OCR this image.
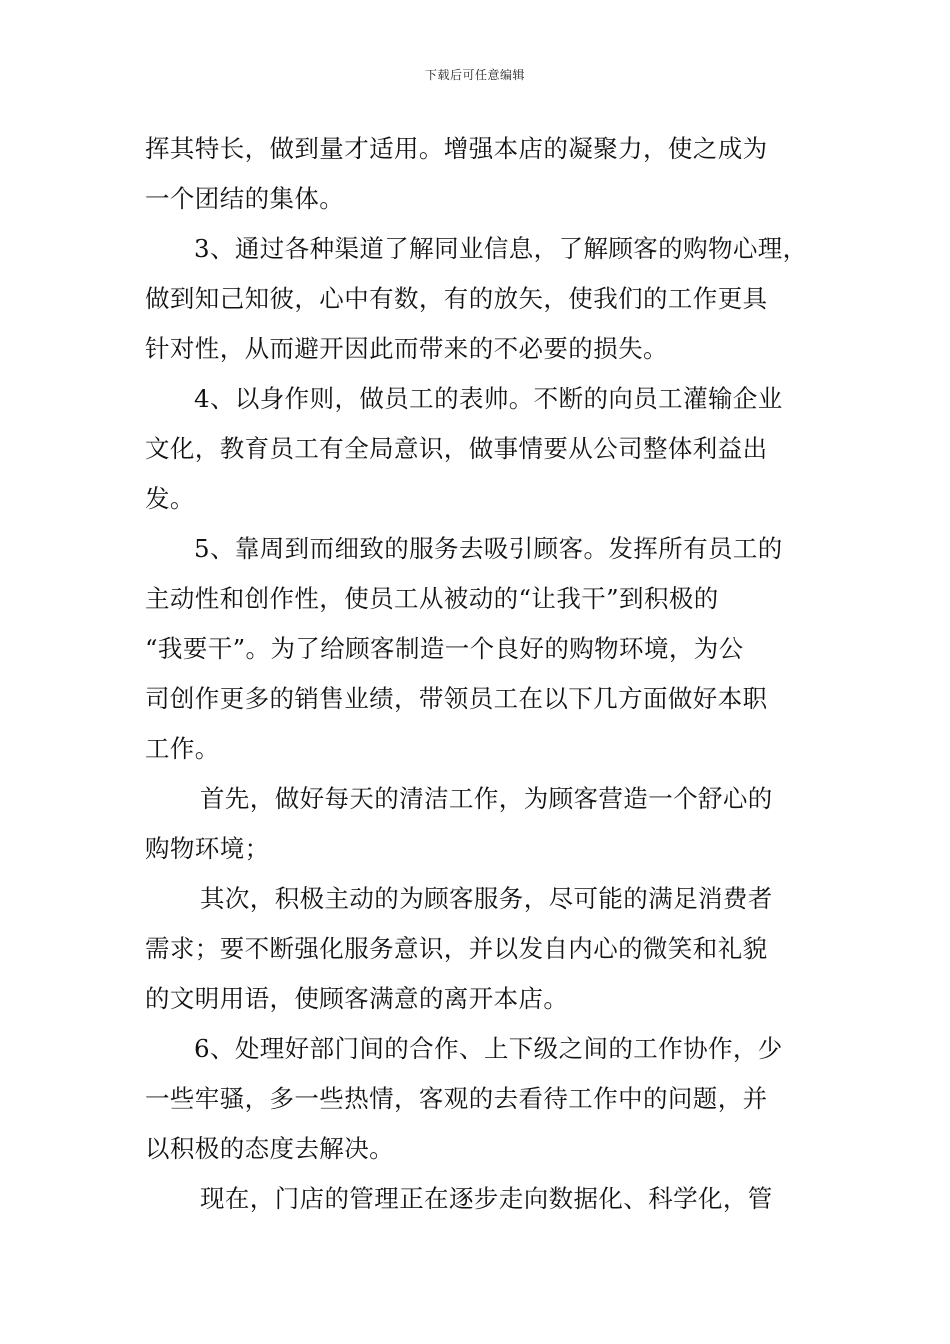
下载后可任意编辑
挥其特长，做到量才适用。增强本店的凝聚力，使之成为
一个团结的集体。
3、通过各种渠道了解同业信息，了解顾客的购物心理，
做到知己知彼，心中有数，有的放矢，使我们的工作更具
针对性，从而避开因此而带来的不必要的损失。
4、以身作则，做员工的表帅。不断的向员工灌输企业
文化，教育员工有全局意识，做事情要从公司整体利益出
发。
5、靠周到而细致的服务去吸引顾客。发挥所有员工的
主动性和创作性，使员工从被动的“让我干”到积极的
“我要干”。为了给顾客制造一个良好的购物环境，为公
司创作更多的销售业绩，带领员工在以下几方面做好本职
工作。
首先，做好每天的清洁工作，为顾客营造一个舒心的
购物环境；
其次，积极主动的为顾客服务，尽可能的满足消费者
需求；要不断强化服务意识，并以发自内心的微笑和礼貌
的文明用语，使顾客满意的离开本店。
6、处理好部门间的合作、上下级之间的工作协作，少
一些牢骚，多一些热情，客观的去看待工作中的问题，并
以积极的态度去解决。
现在，门店的管理正在逐步走向数据化、科学化，管
